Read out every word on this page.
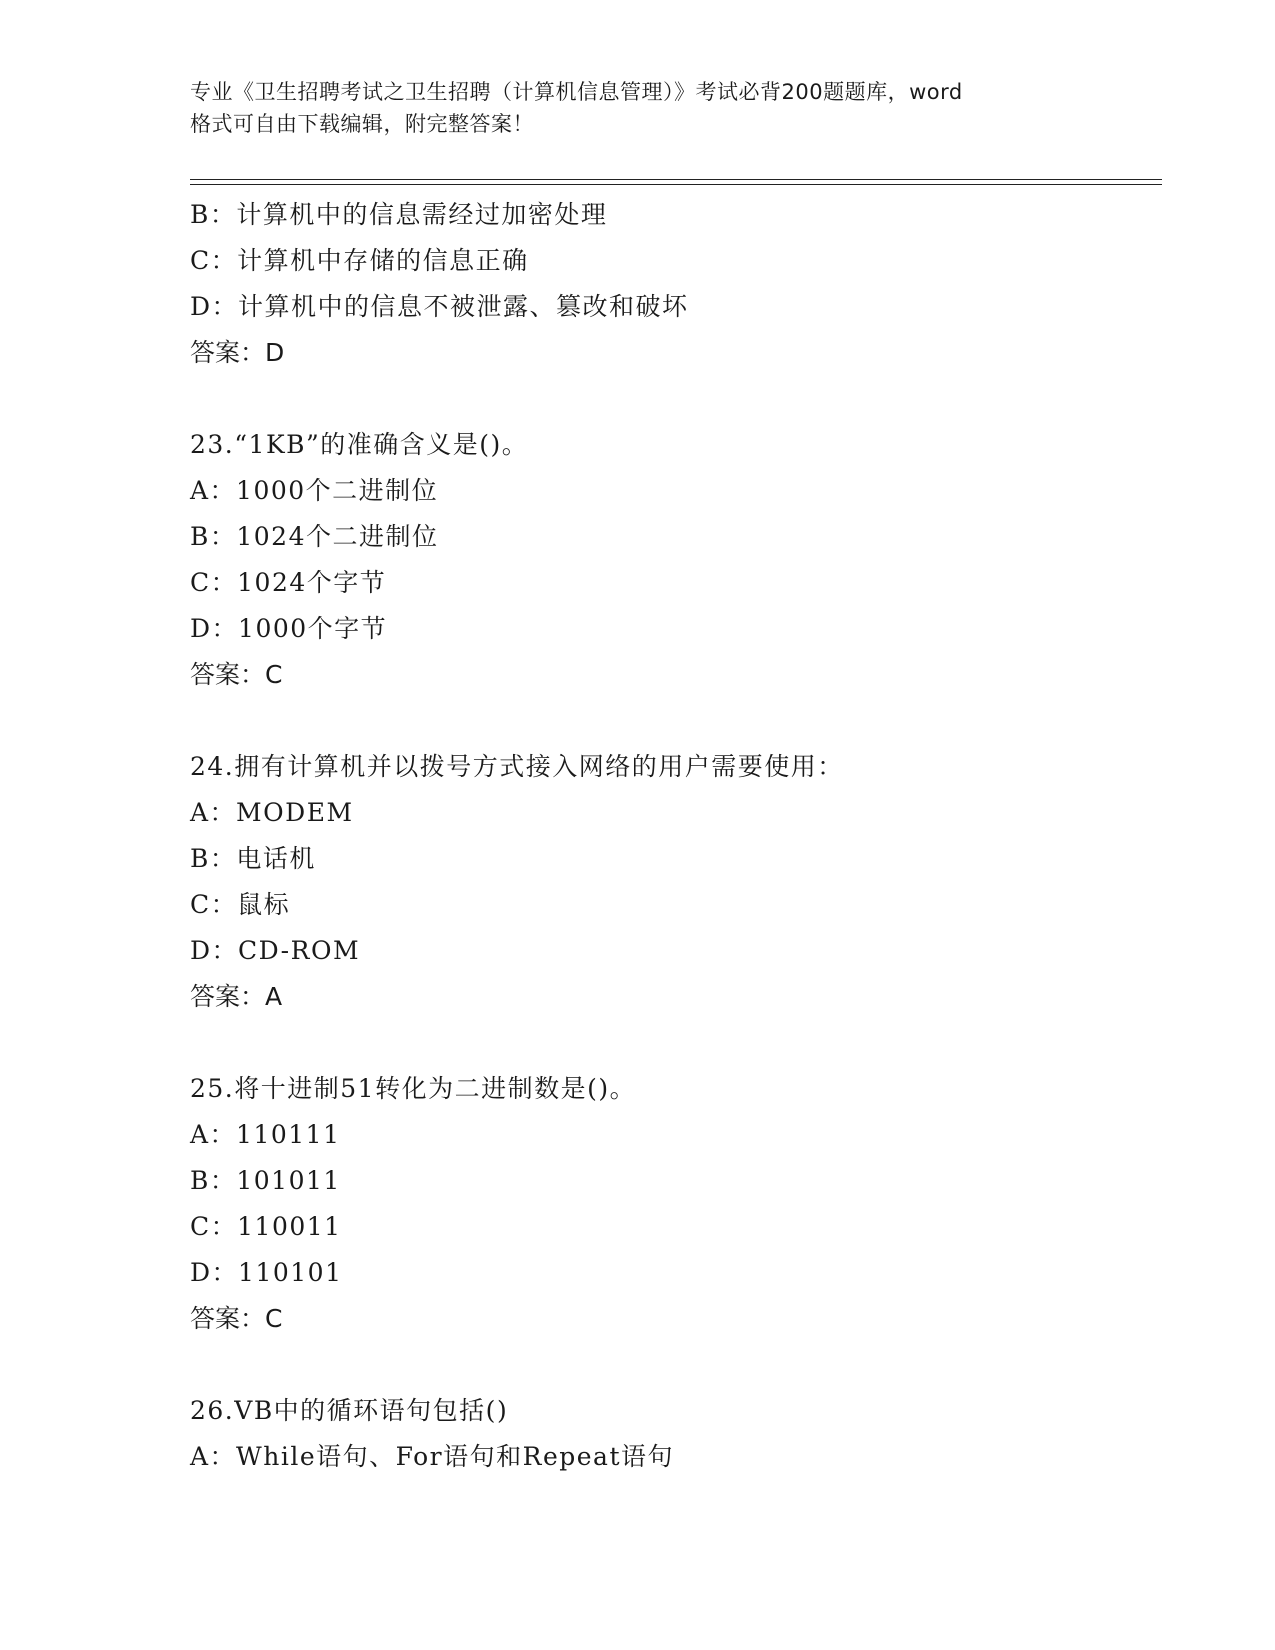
专业《卫生招聘考试之卫生招聘（计算机信息管理）》考试必背200题题库，word
格式可自由下载编辑，附完整答案！
B：计算机中的信息需经过加密处理
C：计算机中存储的信息正确
D：计算机中的信息不被泄露、篡改和破坏
答案：D
23.“1KB”的准确含义是()。
A：1000个二进制位
B：1024个二进制位
C：1024个字节
D：1000个字节
答案：C
24.拥有计算机并以拨号方式接入网络的用户需要使用：
A：MODEM
B：电话机
C：鼠标
D：CD-ROM
答案：A
25.将十进制51转化为二进制数是()。
A：110111
B：101011
C：110011
D：110101
答案：C
26.VB中的循环语句包括()
A：While语句、For语句和Repeat语句
